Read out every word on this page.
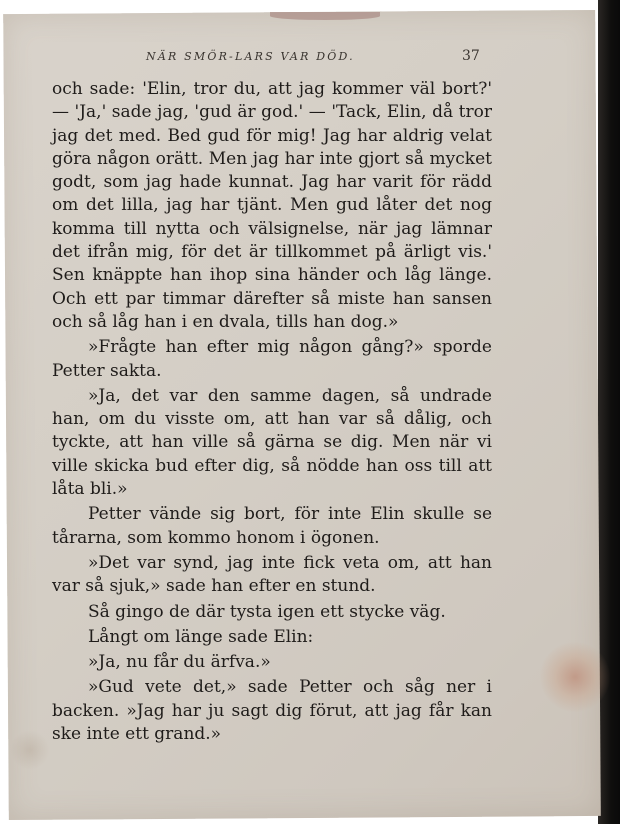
NÄR SMÖR-LARS VAR DÖD.	37

och sade: 'Elin, tror du, att jag kommer väl bort?' — 'Ja,' sade jag, 'gud är god.' — 'Tack, Elin, då tror jag det med. Bed gud för mig! Jag har aldrig velat göra någon orätt. Men jag har inte gjort så mycket godt, som jag hade kunnat. Jag har varit för rädd om det lilla, jag har tjänt. Men gud låter det nog komma till nytta och välsignelse, när jag lämnar det ifrån mig, för det är tillkommet på ärligt vis.' Sen knäppte han ihop sina händer och låg länge. Och ett par timmar därefter så miste han sansen och så låg han i en dvala, tills han dog.»

»Frågte han efter mig någon gång?» sporde Petter sakta.

»Ja, det var den samme dagen, så undrade han, om du visste om, att han var så dålig, och tyckte, att han ville så gärna se dig. Men när vi ville skicka bud efter dig, så nödde han oss till att låta bli.»

Petter vände sig bort, för inte Elin skulle se tårarna, som kommo honom i ögonen.

»Det var synd, jag inte fick veta om, att han var så sjuk,» sade han efter en stund.

Så gingo de där tysta igen ett stycke väg.

Långt om länge sade Elin:

»Ja, nu får du ärfva.»

»Gud vete det,» sade Petter och såg ner i backen. »Jag har ju sagt dig förut, att jag får kan ske inte ett grand.»
